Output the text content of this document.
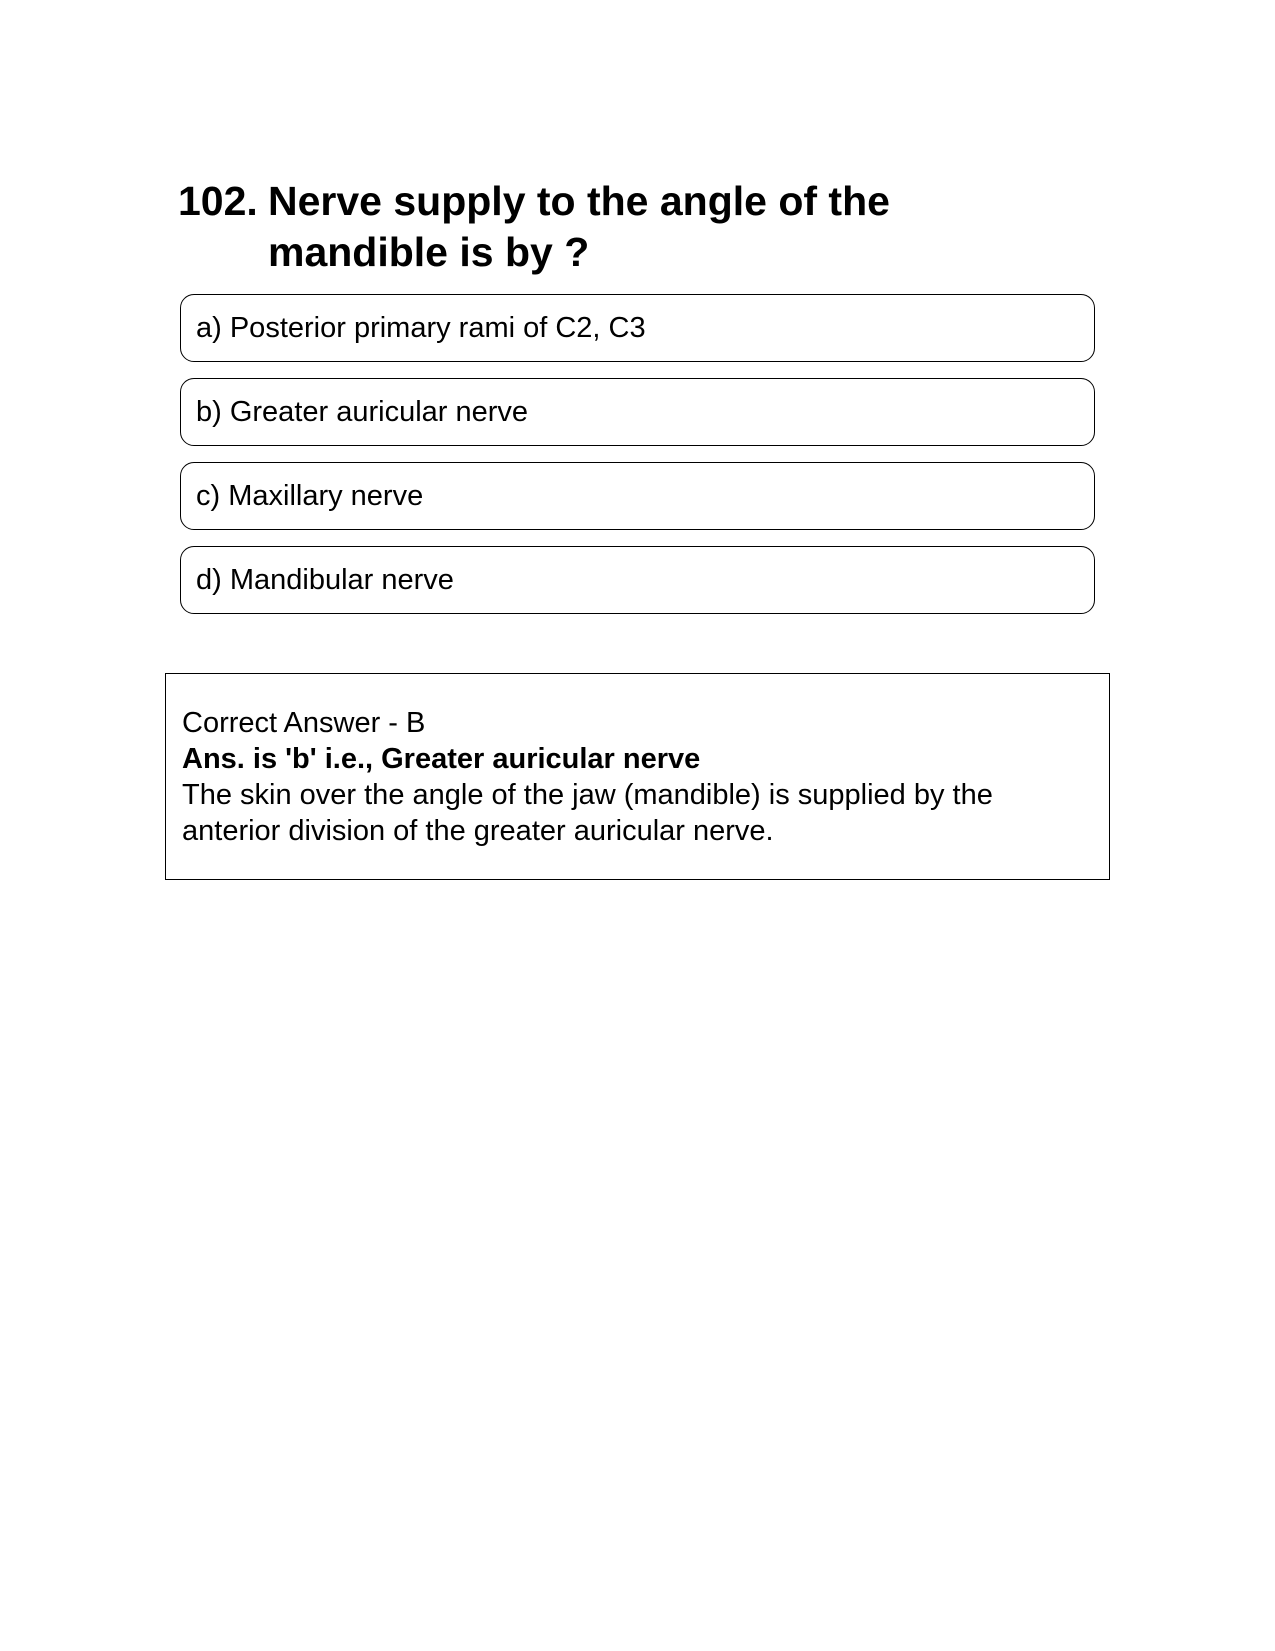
102. Nerve supply to the angle of the mandible is by ?
a) Posterior primary rami of C2, C3
b) Greater auricular nerve
c) Maxillary nerve
d) Mandibular nerve
Correct Answer - B
Ans. is 'b' i.e., Greater auricular nerve
The skin over the angle of the jaw (mandible) is supplied by the anterior division of the greater auricular nerve.
